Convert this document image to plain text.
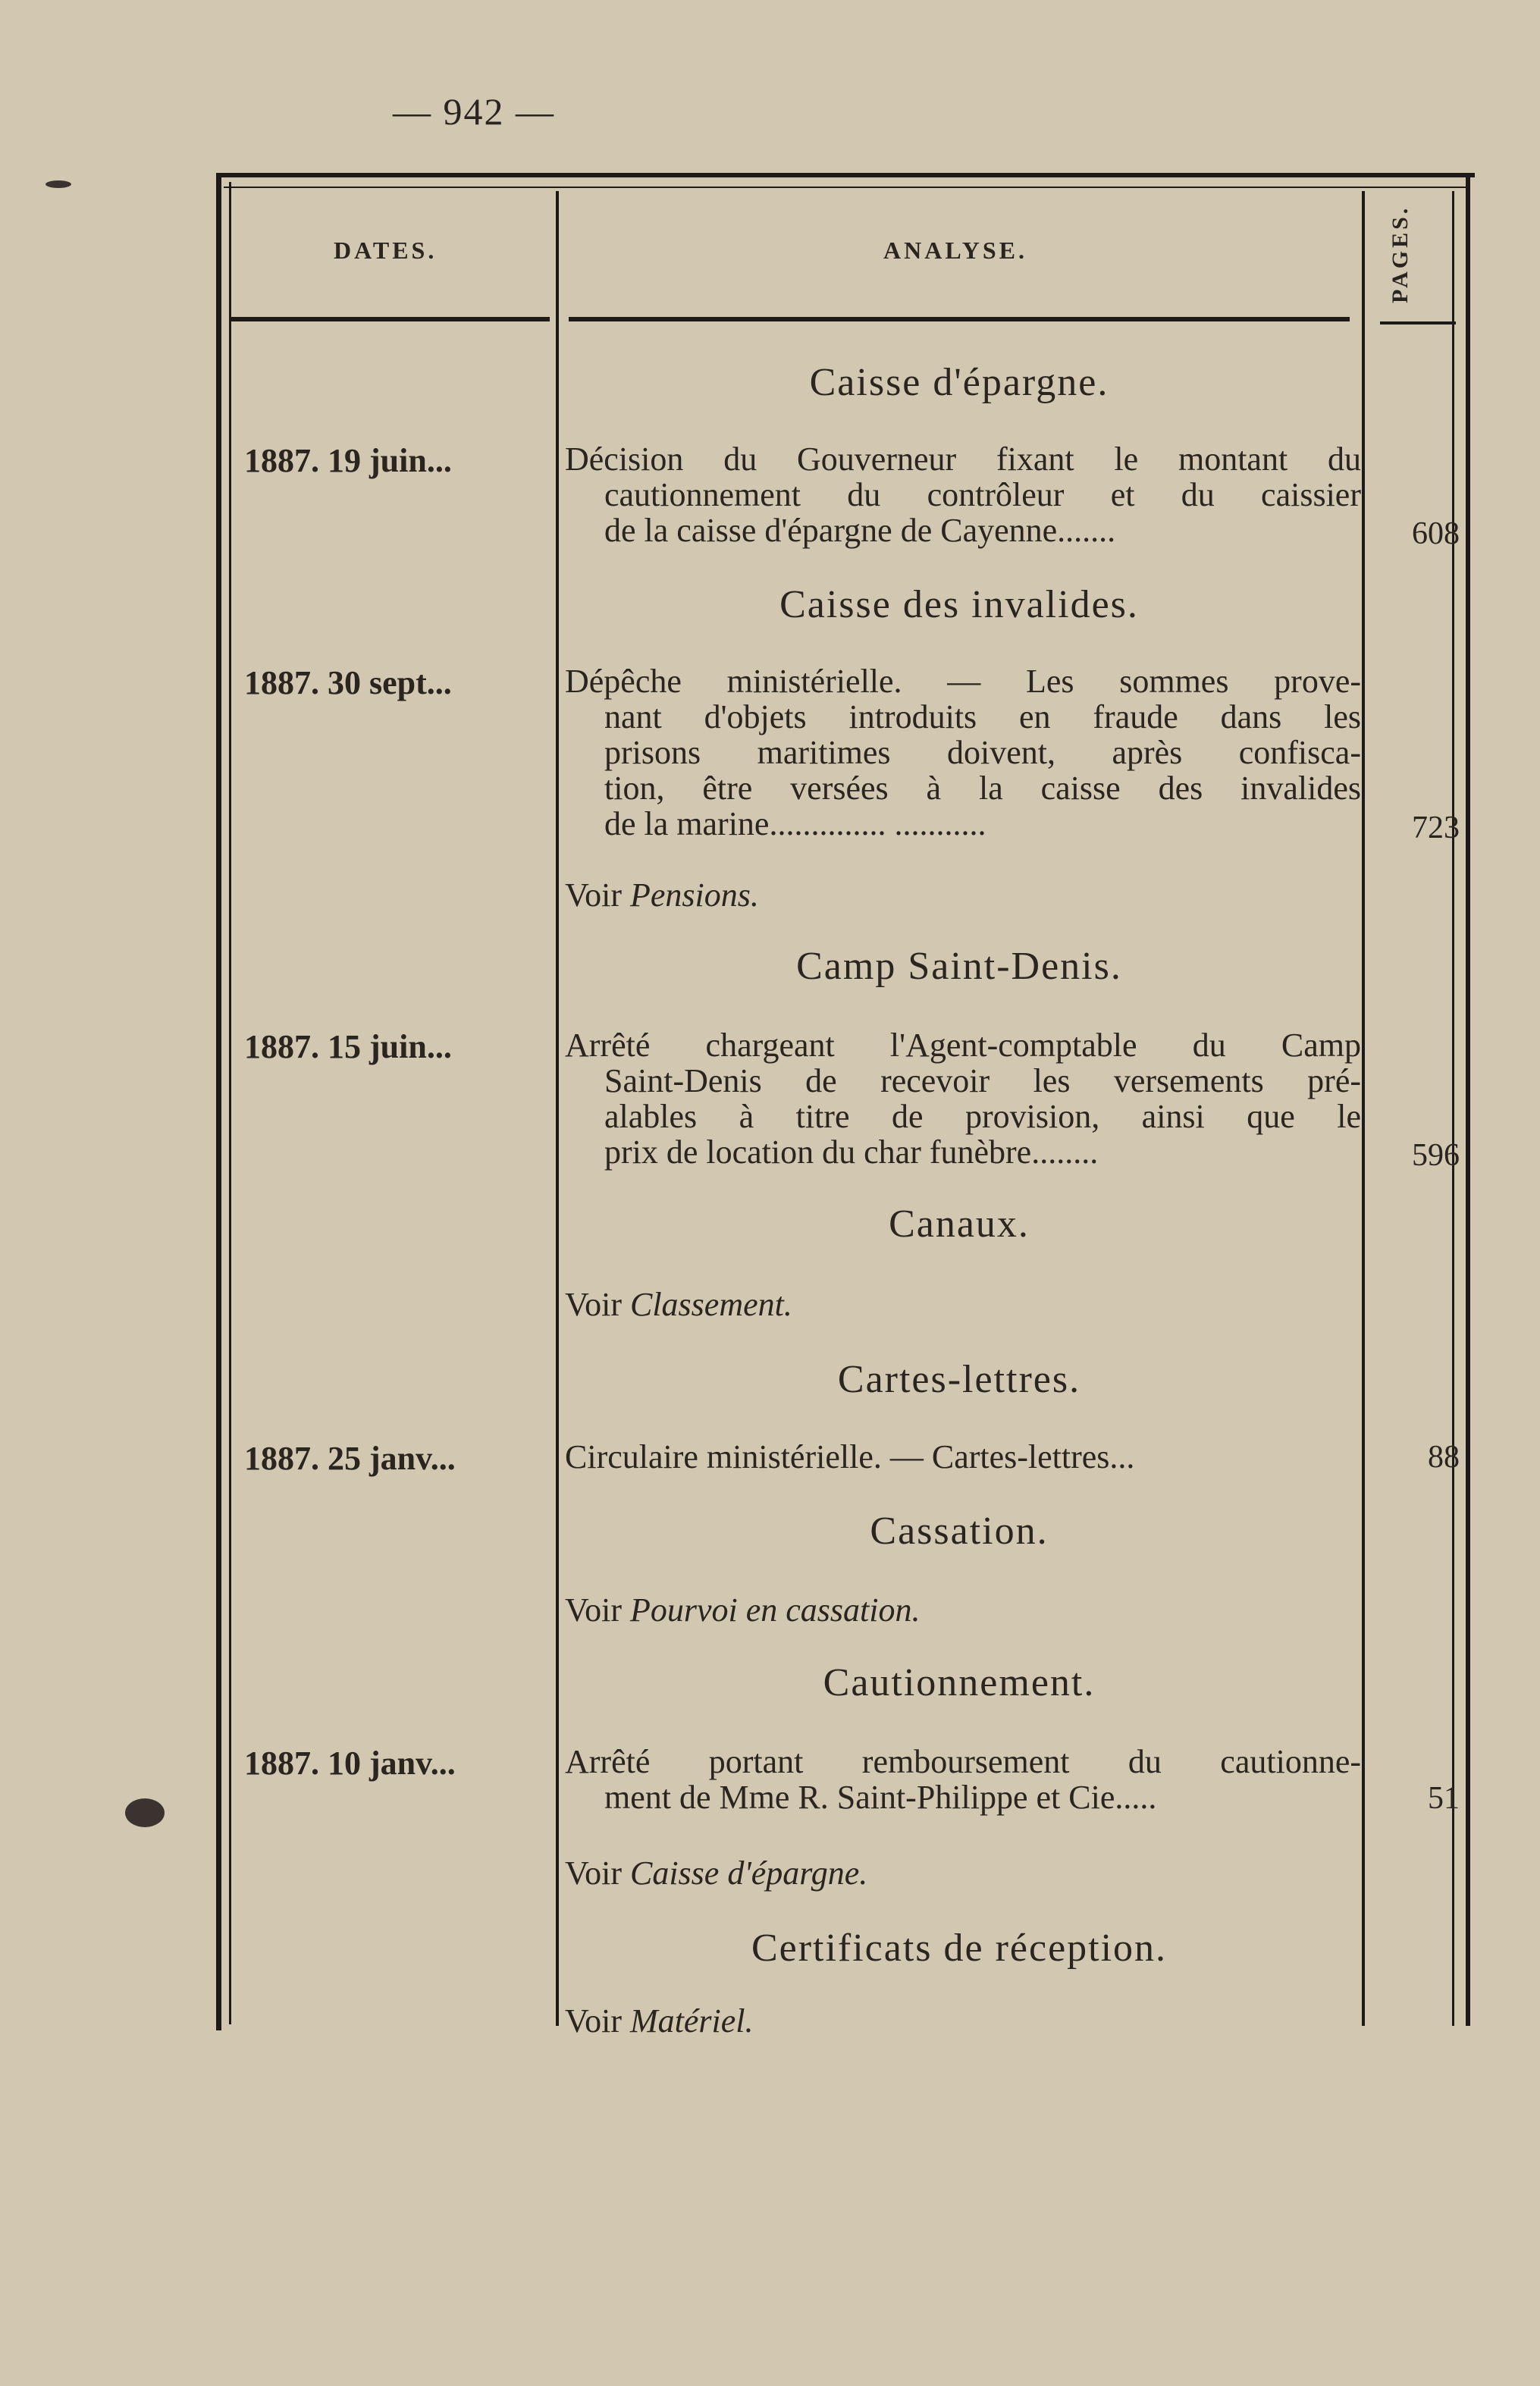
— 942 —
DATES.	ANALYSE.	PAGES.
Caisse d'épargne.
1887. 19 juin...	Décision du Gouverneur fixant le montant du
cautionnement du contrôleur et du caissier
de la caisse d'épargne de Cayenne.......	608
Caisse des invalides.
1887. 30 sept...	Dépêche ministérielle. — Les sommes prove-
nant d'objets introduits en fraude dans les
prisons maritimes doivent, après confisca-
tion, être versées à la caisse des invalides
de la marine.............. ...........	723
Voir Pensions.
Camp Saint-Denis.
1887. 15 juin...	Arrêté chargeant l'Agent-comptable du Camp
Saint-Denis de recevoir les versements pré-
alables à titre de provision, ainsi que le
prix de location du char funèbre........	596
Canaux.
Voir Classement.
Cartes-lettres.
1887. 25 janv...	Circulaire ministérielle. — Cartes-lettres...	88
Cassation.
Voir Pourvoi en cassation.
Cautionnement.
1887. 10 janv...	Arrêté portant remboursement du cautionne-
ment de Mme R. Saint-Philippe et Cie.....	51
Voir Caisse d'épargne.
Certificats de réception.
Voir Matériel.
